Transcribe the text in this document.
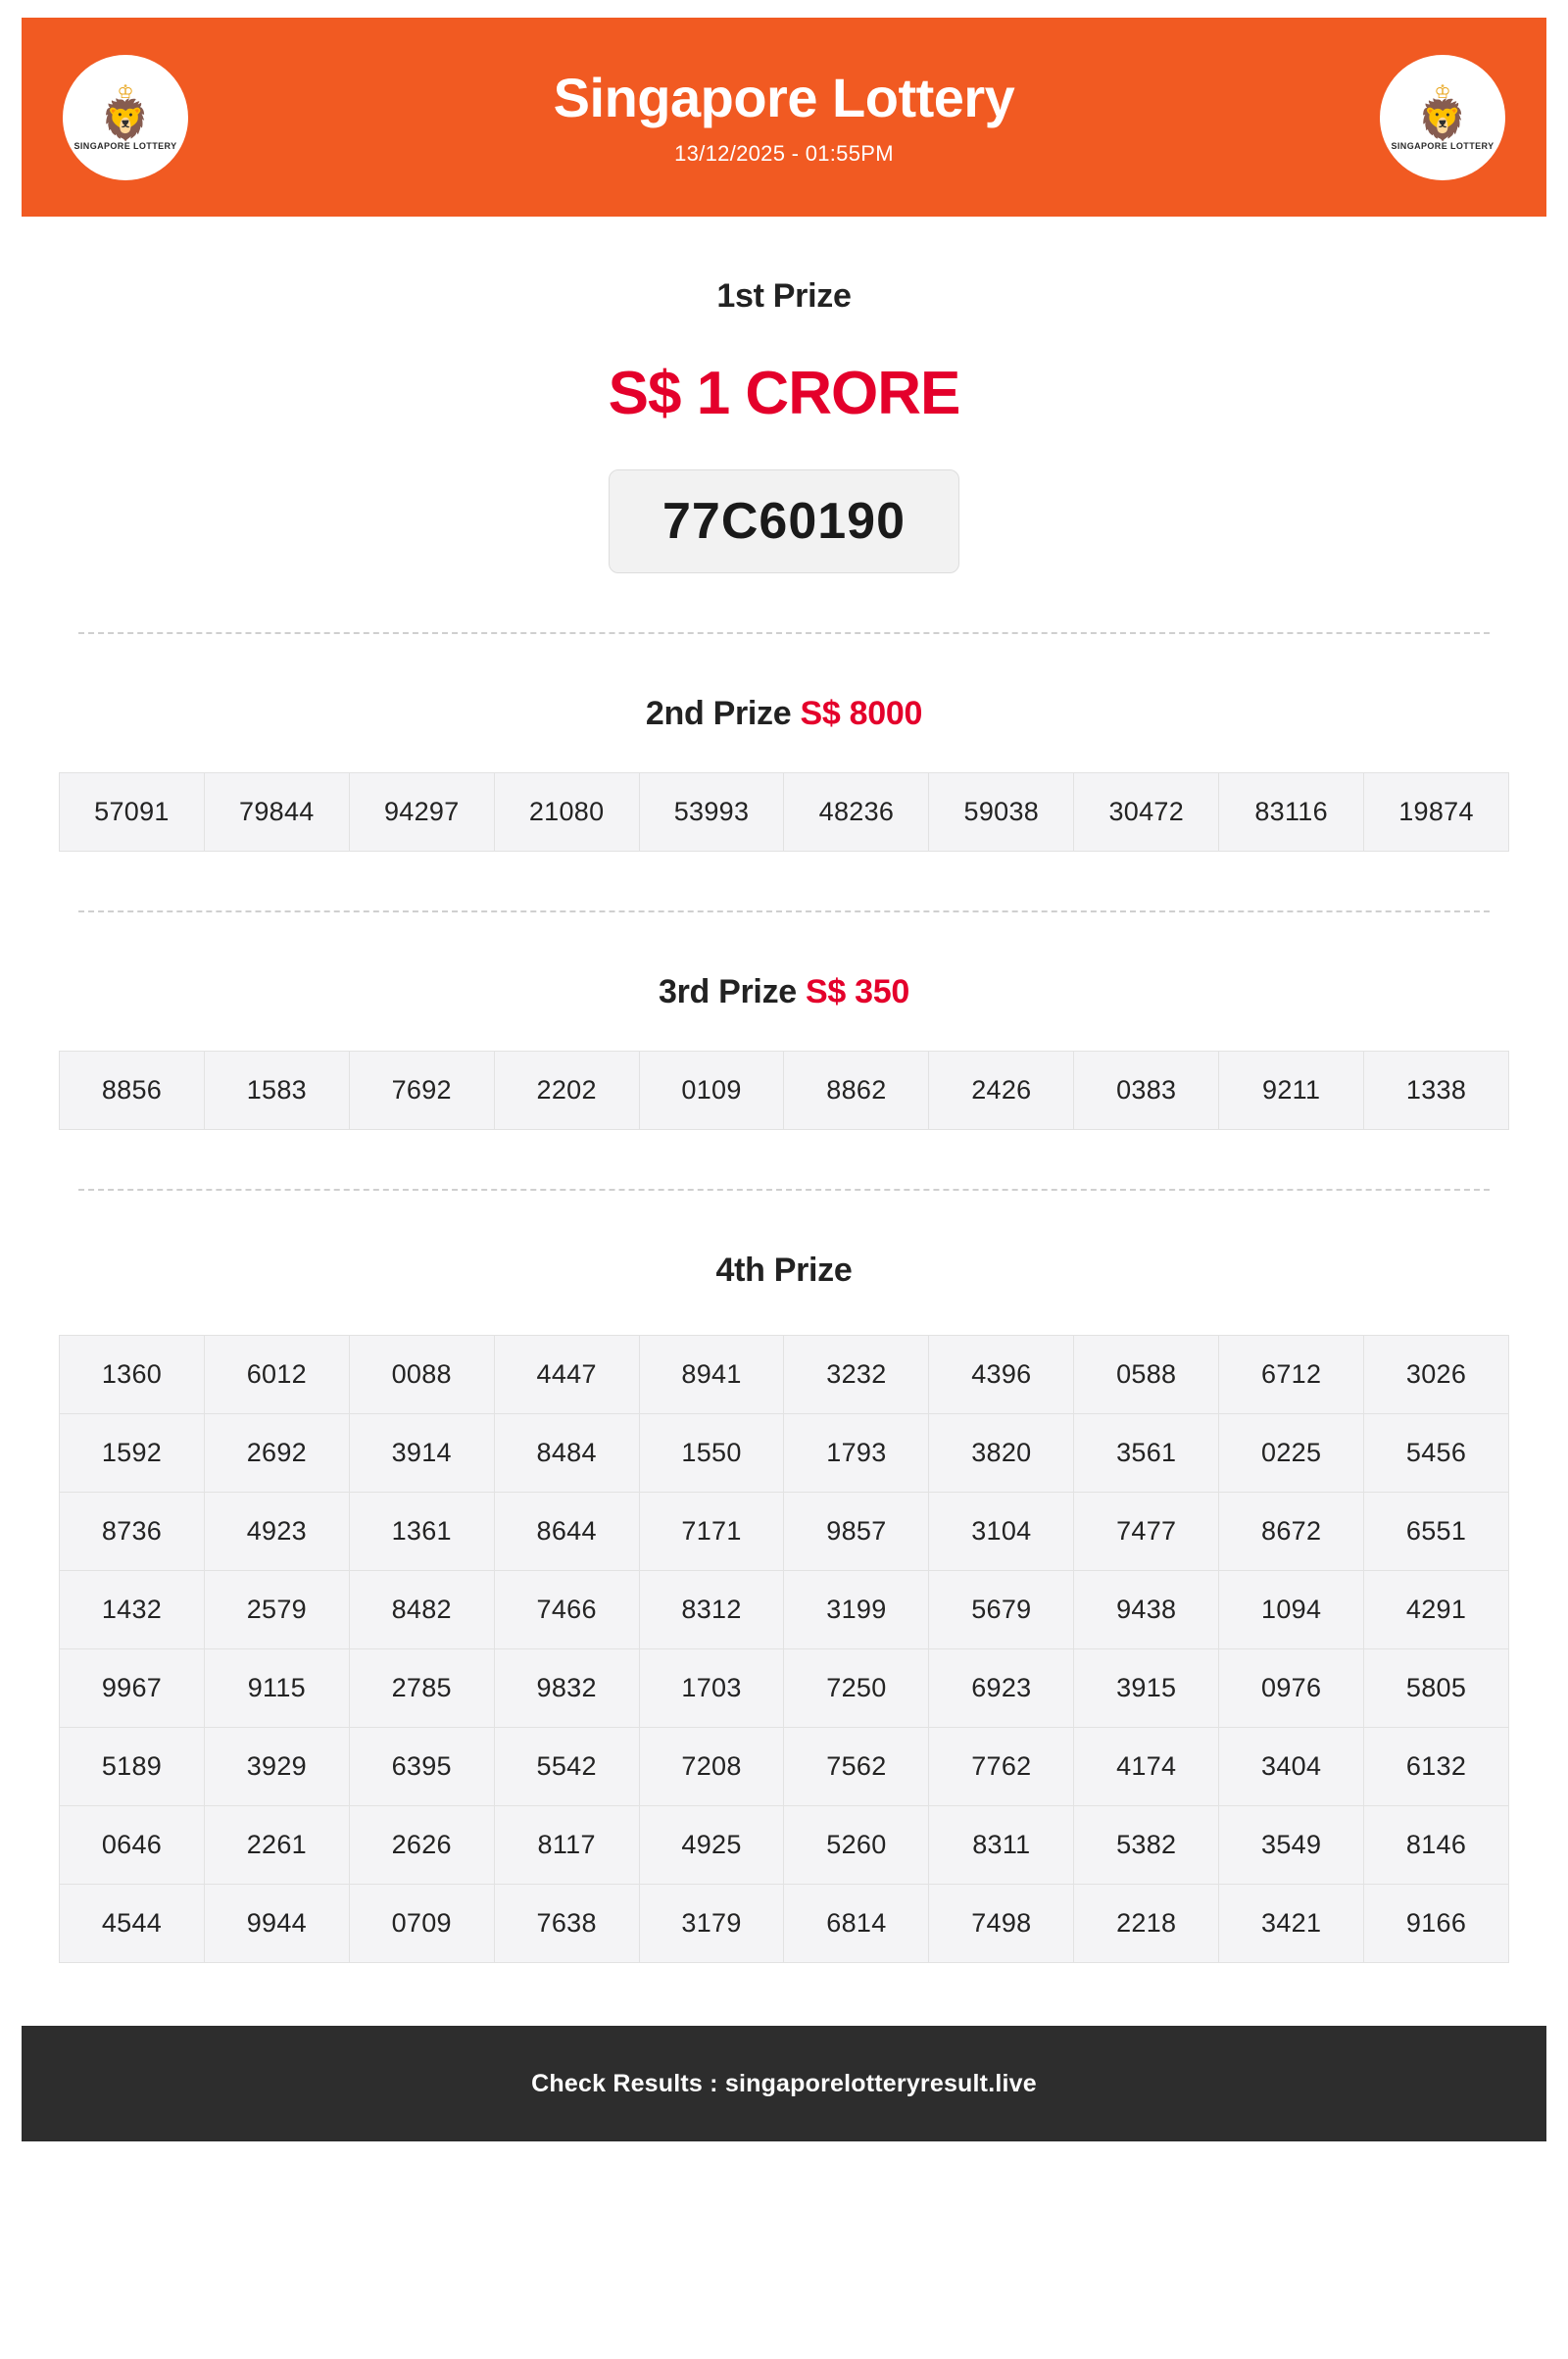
♔
🦁
SINGAPORE LOTTERY
Singapore Lottery
13/12/2025 - 01:55PM
♔
🦁
SINGAPORE LOTTERY
1st Prize
S$ 1 CRORE
77C60190
2nd Prize S$ 8000
57091	79844	94297	21080	53993	48236	59038	30472	83116	19874
3rd Prize S$ 350
8856	1583	7692	2202	0109	8862	2426	0383	9211	1338
4th Prize
1360	6012	0088	4447	8941	3232	4396	0588	6712	3026
1592	2692	3914	8484	1550	1793	3820	3561	0225	5456
8736	4923	1361	8644	7171	9857	3104	7477	8672	6551
1432	2579	8482	7466	8312	3199	5679	9438	1094	4291
9967	9115	2785	9832	1703	7250	6923	3915	0976	5805
5189	3929	6395	5542	7208	7562	7762	4174	3404	6132
0646	2261	2626	8117	4925	5260	8311	5382	3549	8146
4544	9944	0709	7638	3179	6814	7498	2218	3421	9166
Check Results : singaporelotteryresult.live
